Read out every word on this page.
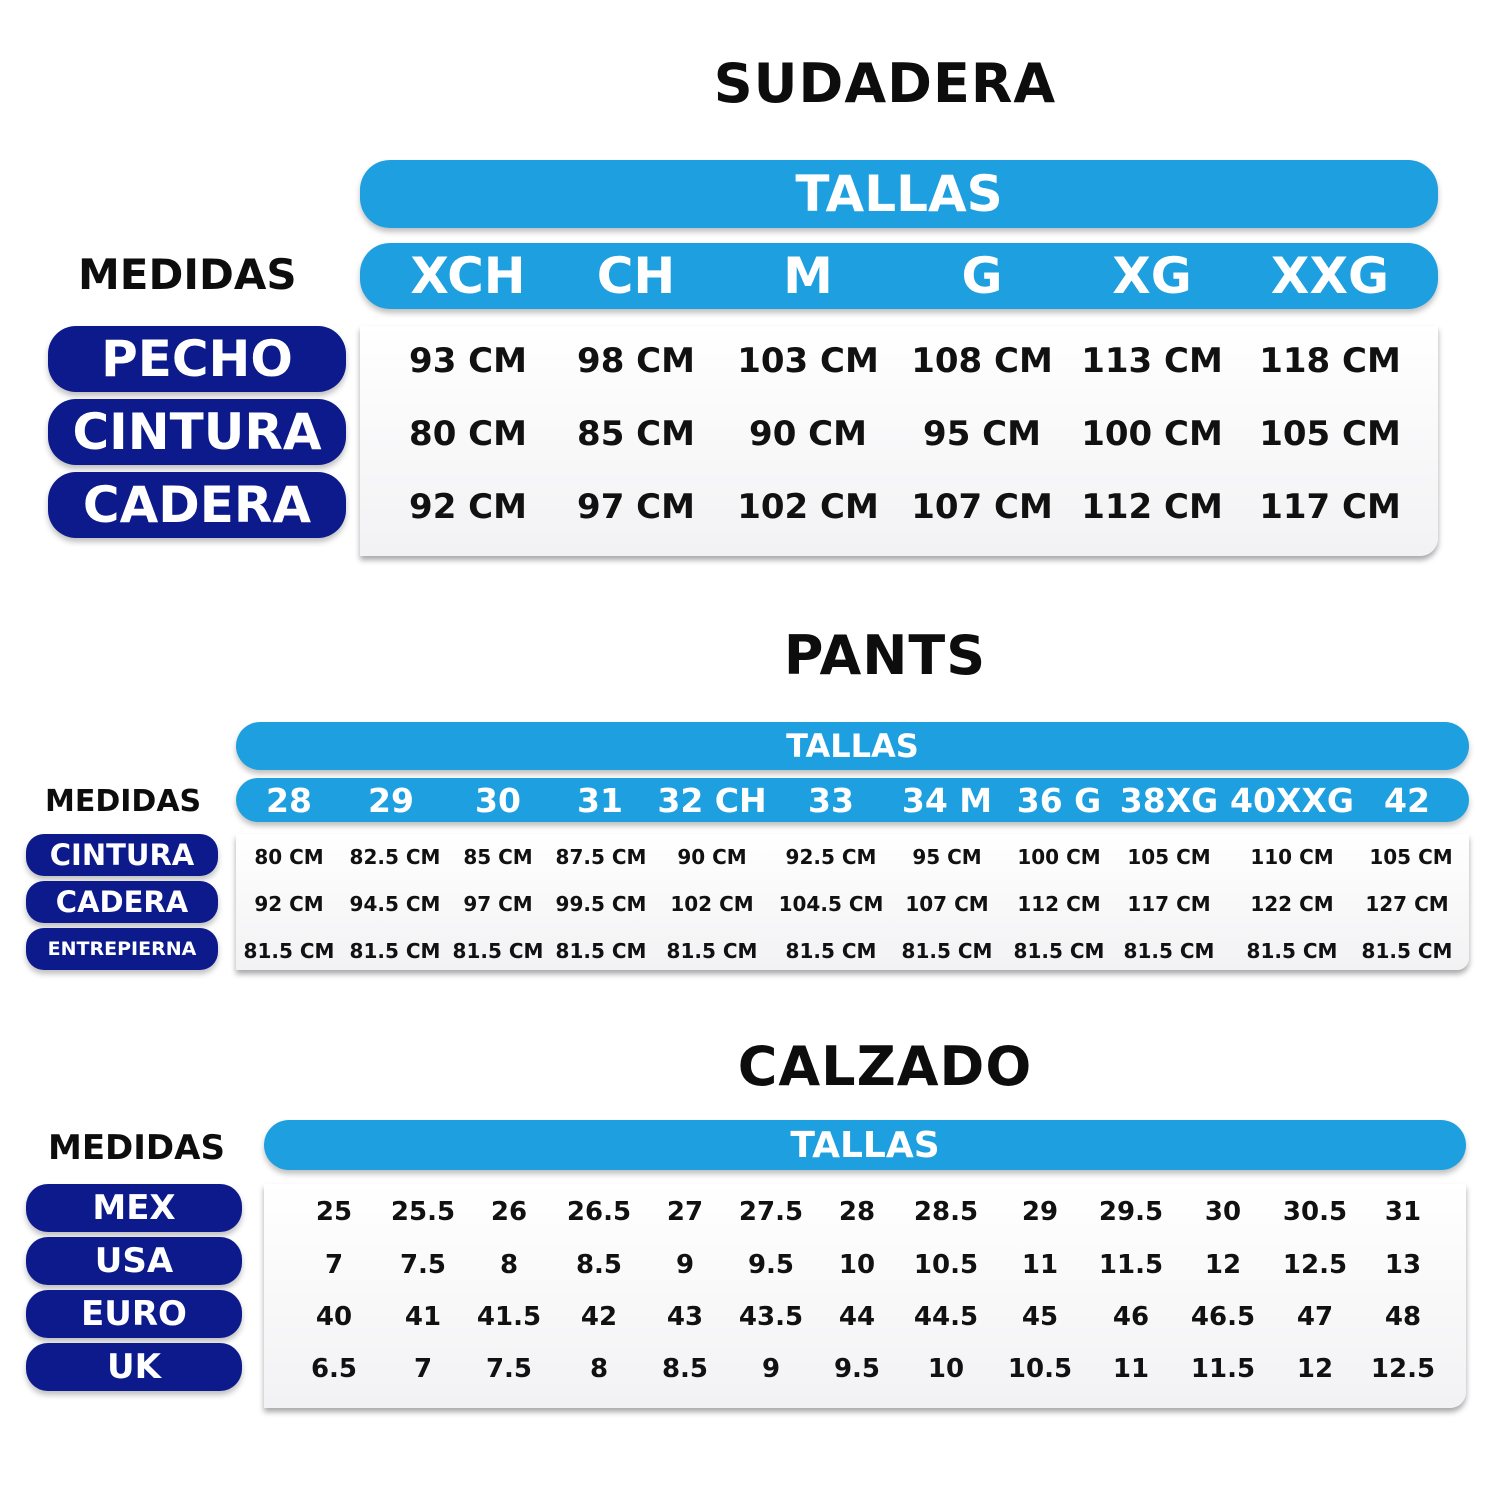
SUDADERA
TALLAS
MEDIDAS XCH CH M	G XG XXG
PECHO
CINTURA
CADERA
93 CM 98 CM 103 CM 108 CM 113 CM 118 CM
80 CM 85 CM 90 CM 95 CM 100 CM 105 CM
92 CM 97 CM 102 CM 107 CM 112 CM 117 CM
PANTS
TALLAS
MEDIDAS 28 29 30 31 32 CH 33 34 M 36 G 38XG 40XXG 42
CINTURA
CADERA
ENTREPIERNA
80 CM 82.5 CM 85 CM 87.5 CM 90 CM 92.5 CM 95 CM 100 CM 105 CM 110 CM 105 CM
92 CM 94.5 CM 97 CM 99.5 CM 102 CM 104.5 CM 107 CM 112 CM 117 CM 122 CM 127 CM
81.5 CM 81.5 CM 81.5 CM 81.5 CM 81.5 CM 81.5 CM 81.5 CM 81.5 CM 81.5 CM 81.5 CM 81.5 CM
CALZADO
MEDIDAS	TALLAS
MEX
USA
EURO
UK
25 25.5 26 26.5 27 27.5 28 28.5 29 29.5 30 30.5 31
7 7.5 8 8.5 9 9.5 10 10.5 11 11.5 12 12.5 13
40 41 41.5 42 43 43.5 44 44.5 45 46 46.5 47 48
6.5 7 7.5 8 8.5 9 9.5 10 10.5 11 11.5 12 12.5
